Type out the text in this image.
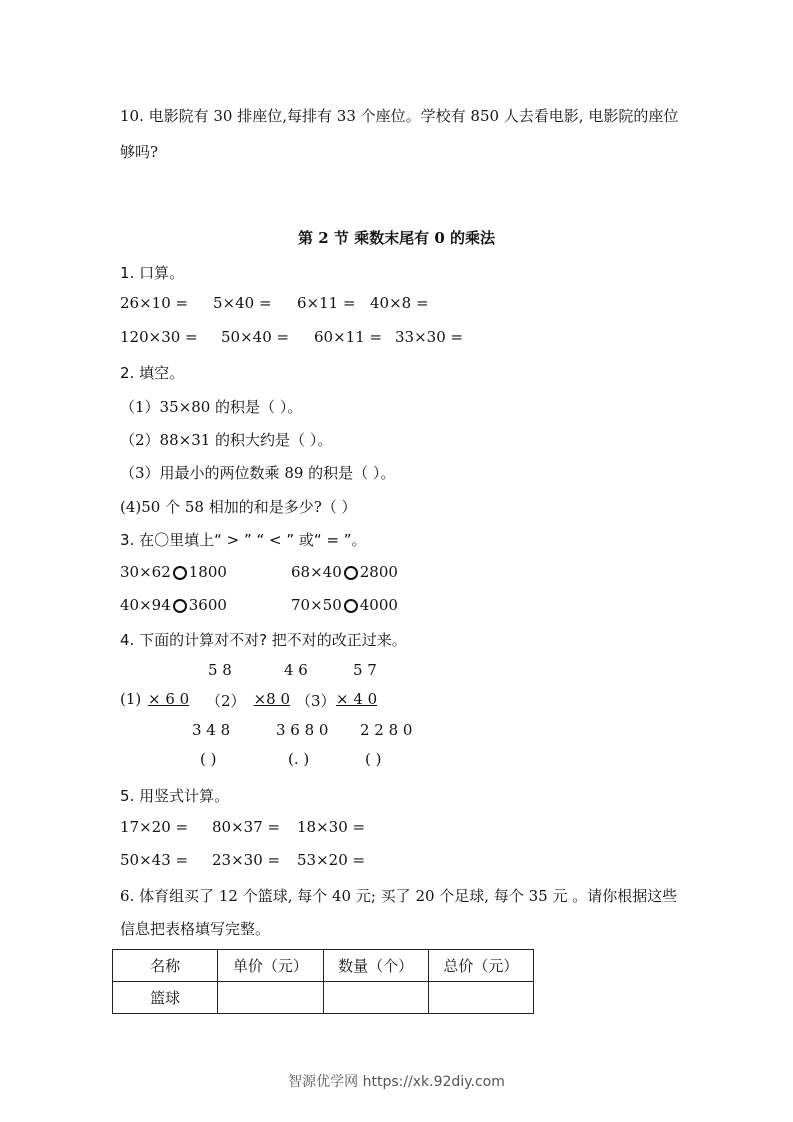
10. 电影院有 30 排座位,每排有 33 个座位。学校有 850 人去看电影, 电影院的座位
够吗?
第 2 节 乘数末尾有 0 的乘法
1. 口算。
26×10 = 5×40 = 6×11 = 40×8 =
120×30 = 50×40 = 60×11 = 33×30 =
2. 填空。
（1）35×80 的积是（ ）。
（2）88×31 的积大约是（ ）。
（3）用最小的两位数乘 89 的积是（ ）。
(4)50 个 58 相加的和是多少?（ ）
3. 在〇里填上“ > ” “ < ” 或“ = ”。
30×62 1800	68×40 2800
40×94 3600	70×50 4000
4. 下面的计算对不对? 把不对的改正过来。
5 8	4 6	5 7
(1) × 6 0 （2） ×8 0 （3） × 4 0
3 4 8	3 6 8 0 2 2 8 0
( )	(. )	( )
5. 用竖式计算。
17×20 = 80×37 = 18×30 =
50×43 = 23×30 = 53×20 =
6. 体育组买了 12 个篮球, 每个 40 元; 买了 20 个足球, 每个 35 元 。请你根据这些
信息把表格填写完整。
名称	单价（元）	数量（个）	总价（元）
篮球			
智源优学网 https://xk.92diy.com
